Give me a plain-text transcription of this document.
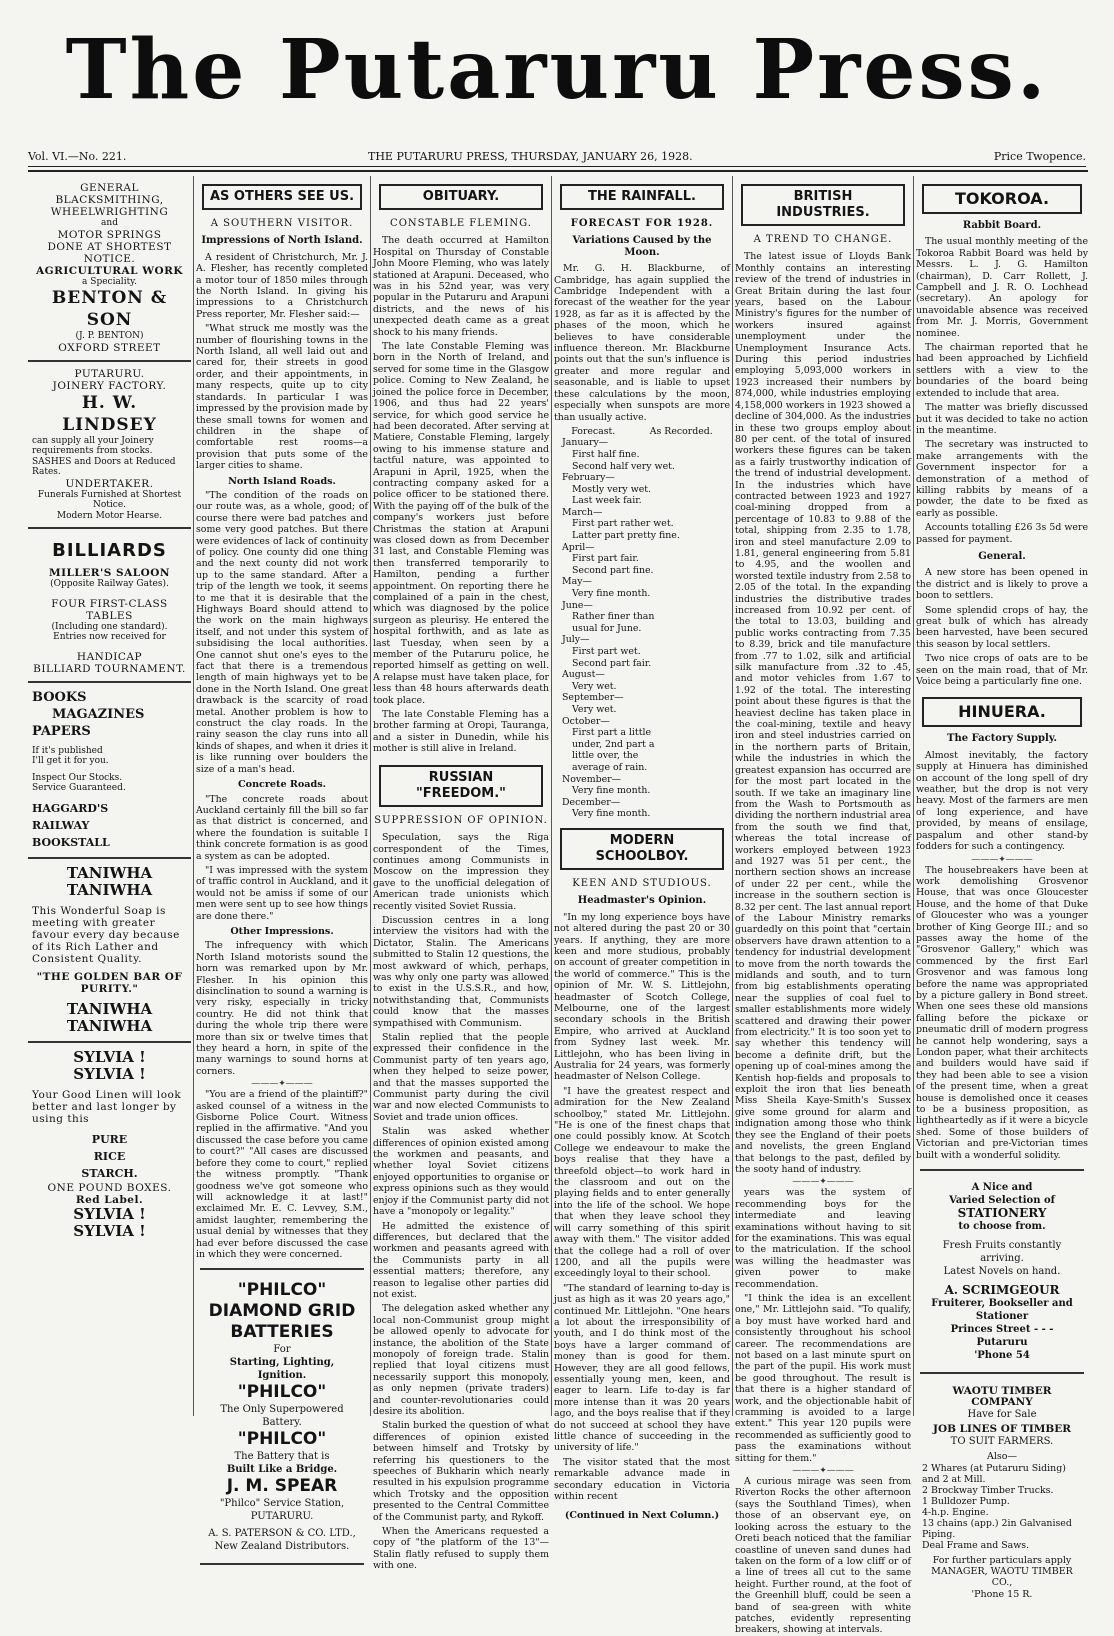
The Putaruru Press.
Vol. VI.—No. 221.	THE PUTARURU PRESS, THURSDAY, JANUARY 26, 1928.	Price Twopence.
GENERAL
BLACKSMITHING,
WHEELWRIGHTING
and
MOTOR SPRINGS
DONE AT SHORTEST NOTICE.
AGRICULTURAL WORK
a Speciality.
BENTON & SON
(J. P. BENTON)
OXFORD STREET
PUTARURU.
JOINERY FACTORY.
H. W. LINDSEY
can supply all your Joinery requirements from stocks. SASHES and Doors at Reduced Rates.
UNDERTAKER.
Funerals Furnished at Shortest Notice.
Modern Motor Hearse.
BILLIARDS
MILLER'S SALOON
(Opposite Railway Gates).
FOUR FIRST-CLASS TABLES
(Including one standard).
Entries now received for
HANDICAP
BILLIARD TOURNAMENT.
BOOKS
MAGAZINES
PAPERS
If it's published
I'll get it for you.
Inspect Our Stocks.
Service Guaranteed.
HAGGARD'S
RAILWAY
BOOKSTALL
TANIWHA
TANIWHA
This Wonderful Soap is meeting with greater favour every day because of its Rich Lather and Consistent Quality.
"THE GOLDEN BAR OF PURITY."
TANIWHA
TANIWHA
SYLVIA !
SYLVIA !
Your Good Linen will look better and last longer by using this
PURE
RICE
STARCH.
ONE POUND BOXES.
Red Label.
SYLVIA !
SYLVIA !
AS OTHERS SEE US.
A SOUTHERN VISITOR.
Impressions of North Island.

A resident of Christchurch, Mr. J. A. Flesher, has recently completed a motor tour of 1850 miles through the North Island. In giving his impressions to a Christchurch Press reporter, Mr. Flesher said:—

"What struck me mostly was the number of flourishing towns in the North Island, all well laid out and cared for, their streets in good order, and their appointments, in many respects, quite up to city standards. In particular I was impressed by the provision made by these small towns for women and children in the shape of comfortable rest rooms—a provision that puts some of the larger cities to shame.

North Island Roads.

"The condition of the roads on our route was, as a whole, good; of course there were bad patches and some very good patches. But there were evidences of lack of continuity of policy. One county did one thing and the next county did not work up to the same standard. After a trip of the length we took, it seems to me that it is desirable that the Highways Board should attend to the work on the main highways itself, and not under this system of subsidising the local authorities. One cannot shut one's eyes to the fact that there is a tremendous length of main highways yet to be done in the North Island. One great drawback is the scarcity of road metal. Another problem is how to construct the clay roads. In the rainy season the clay runs into all kinds of shapes, and when it dries it is like running over boulders the size of a man's head.

Concrete Roads.

"The concrete roads about Auckland certainly fill the bill so far as that district is concerned, and where the foundation is suitable I think concrete formation is as good a system as can be adopted.

"I was impressed with the system of traffic control in Auckland, and it would not be amiss if some of our men were sent up to see how things are done there."

Other Impressions.

The infrequency with which North Island motorists sound the horn was remarked upon by Mr. Flesher. In his opinion this disinclination to sound a warning is very risky, especially in tricky country. He did not think that during the whole trip there were more than six or twelve times that they heard a horn, in spite of the many warnings to sound horns at corners.

———✦———

"You are a friend of the plaintiff?" asked counsel of a witness in the Gisborne Police Court. Witness replied in the affirmative. "And you discussed the case before you came to court?" "All cases are discussed before they come to court," replied the witness promptly. "Thank goodness we've got someone who will acknowledge it at last!" exclaimed Mr. E. C. Levvey, S.M., amidst laughter, remembering the usual denial by witnesses that they had ever before discussed the case in which they were concerned.

"PHILCO"
DIAMOND GRID
BATTERIES
For
Starting, Lighting, Ignition.
"PHILCO"
The Only Superpowered Battery.
"PHILCO"
The Battery that is
Built Like a Bridge.
J. M. SPEAR
"Philco" Service Station,
PUTARURU.
A. S. PATERSON & CO. LTD.,
New Zealand Distributors.
OBITUARY.
CONSTABLE FLEMING.

The death occurred at Hamilton Hospital on Thursday of Constable John Moore Fleming, who was lately stationed at Arapuni. Deceased, who was in his 52nd year, was very popular in the Putaruru and Arapuni districts, and the news of his unexpected death came as a great shock to his many friends.

The late Constable Fleming was born in the North of Ireland, and served for some time in the Glasgow police. Coming to New Zealand, he joined the police force in December, 1906, and thus had 22 years' service, for which good service he had been decorated. After serving at Matiere, Constable Fleming, largely owing to his immense stature and tactful nature, was appointed to Arapuni in April, 1925, when the contracting company asked for a police officer to be stationed there. With the paying off of the bulk of the company's workers just before Christmas the station at Arapuni was closed down as from December 31 last, and Constable Fleming was then transferred temporarily to Hamilton, pending a further appointment. On reporting there he complained of a pain in the chest, which was diagnosed by the police surgeon as pleurisy. He entered the hospital forthwith, and as late as last Tuesday, when seen by a member of the Putaruru police, he reported himself as getting on well. A relapse must have taken place, for less than 48 hours afterwards death took place.

The late Constable Fleming has a brother farming at Oropi, Tauranga, and a sister in Dunedin, while his mother is still alive in Ireland.

RUSSIAN "FREEDOM."
SUPPRESSION OF OPINION.

Speculation, says the Riga correspondent of the Times, continues among Communists in Moscow on the impression they gave to the unofficial delegation of American trade unionists which recently visited Soviet Russia.

Discussion centres in a long interview the visitors had with the Dictator, Stalin. The Americans submitted to Stalin 12 questions, the most awkward of which, perhaps, was why only one party was allowed to exist in the U.S.S.R., and how, notwithstanding that, Communists could know that the masses sympathised with Communism.

Stalin replied that the people expressed their confidence in the Communist party of ten years ago, when they helped to seize power, and that the masses supported the Communist party during the civil war and now elected Communists to Soviet and trade union offices.

Stalin was asked whether differences of opinion existed among the workmen and peasants, and whether loyal Soviet citizens enjoyed opportunities to organise or express opinions such as they would enjoy if the Communist party did not have a "monopoly or legality."

He admitted the existence of differences, but declared that the workmen and peasants agreed with the Communists party in all essential matters; therefore, any reason to legalise other parties did not exist.

The delegation asked whether any local non-Communist group might be allowed openly to advocate for instance, the abolition of the State monopoly of foreign trade. Stalin replied that loyal citizens must necessarily support this monopoly, as only nepmen (private traders) and counter-revolutionaries could desire its abolition.

Stalin burked the question of what differences of opinion existed between himself and Trotsky by referring his questioners to the speeches of Bukharin which nearly resulted in his expulsion programme which Trotsky and the opposition presented to the Central Committee of the Communist party, and Rykoff.

When the Americans requested a copy of "the platform of the 13"—Stalin flatly refused to supply them with one.

THE RAINFALL.
FORECAST FOR 1928.
Variations Caused by the Moon.

Mr. G. H. Blackburne, of Cambridge, has again supplied the Cambridge Independent with a forecast of the weather for the year 1928, as far as it is affected by the phases of the moon, which he believes to have considerable influence thereon. Mr. Blackburne points out that the sun's influence is greater and more regular and seasonable, and is liable to upset these calculations by the moon, especially when sunspots are more than usually active.

Forecast.	As Recorded.
January—
First half fine.
Second half very wet.
February—
Mostly very wet.
Last week fair.
March—
First part rather wet.
Latter part pretty fine.
April—
First part fair.
Second part fine.
May—
Very fine month.
June—
Rather finer than
usual for June.
July—
First part wet.
Second part fair.
August—
Very wet.
September—
Very wet.
October—
First part a little
under, 2nd part a
little over, the
average of rain.
November—
Very fine month.
December—
Very fine month.
MODERN SCHOOLBOY.
KEEN AND STUDIOUS.
Headmaster's Opinion.

"In my long experience boys have not altered during the past 20 or 30 years. If anything, they are more keen and more studious, probably on account of greater competition in the world of commerce." This is the opinion of Mr. W. S. Littlejohn, headmaster of Scotch College, Melbourne, one of the largest secondary schools in the British Empire, who arrived at Auckland from Sydney last week. Mr. Littlejohn, who has been living in Australia for 24 years, was formerly headmaster of Nelson College.

"I have the greatest respect and admiration for the New Zealand schoolboy," stated Mr. Littlejohn. "He is one of the finest chaps that one could possibly know. At Scotch College we endeavour to make the boys realise that they have a threefold object—to work hard in the classroom and out on the playing fields and to enter generally into the life of the school. We hope that when they leave school they will carry something of this spirit away with them." The visitor added that the college had a roll of over 1200, and all the pupils were exceedingly loyal to their school.

"The standard of learning to-day is just as high as it was 20 years ago," continued Mr. Littlejohn. "One hears a lot about the irresponsibility of youth, and I do think most of the boys have a larger command of money than is good for them. However, they are all good fellows, essentially young men, keen, and eager to learn. Life to-day is far more intense than it was 20 years ago, and the boys realise that if they do not succeed at school they have little chance of succeeding in the university of life."

The visitor stated that the most remarkable advance made in secondary education in Victoria within recent

(Continued in Next Column.)
BRITISH INDUSTRIES.
A TREND TO CHANGE.

The latest issue of Lloyds Bank Monthly contains an interesting review of the trend of industries in Great Britain during the last four years, based on the Labour Ministry's figures for the number of workers insured against unemployment under the Unemployment Insurance Acts. During this period industries employing 5,093,000 workers in 1923 increased their numbers by 874,000, while industries employing 4,158,000 workers in 1923 showed a decline of 304,000. As the industries in these two groups employ about 80 per cent. of the total of insured workers these figures can be taken as a fairly trustworthy indication of the trend of industrial development. In the industries which have contracted between 1923 and 1927 coal-mining dropped from a percentage of 10.83 to 9.88 of the total, shipping from 2.35 to 1.78, iron and steel manufacture 2.09 to 1.81, general engineering from 5.81 to 4.95, and the woollen and worsted textile industry from 2.58 to 2.05 of the total. In the expanding industries the distributive trades increased from 10.92 per cent. of the total to 13.03, building and public works contracting from 7.35 to 8.39, brick and tile manufacture from .77 to 1.02, silk and artificial silk manufacture from .32 to .45, and motor vehicles from 1.67 to 1.92 of the total. The interesting point about these figures is that the heaviest decline has taken place in the coal-mining, textile and heavy iron and steel industries carried on in the northern parts of Britain, while the industries in which the greatest expansion has occurred are for the most part located in the south. If we take an imaginary line from the Wash to Portsmouth as dividing the northern industrial area from the south we find that, whereas the total increase of workers employed between 1923 and 1927 was 51 per cent., the northern section shows an increase of under 22 per cent., while the increase in the southern section is 8.32 per cent. The last annual report of the Labour Ministry remarks guardedly on this point that "certain observers have drawn attention to a tendency for industrial development to move from the north towards the midlands and south, and to turn from big establishments operating near the supplies of coal fuel to smaller establishments more widely scattered and drawing their power from electricity." It is too soon yet to say whether this tendency will become a definite drift, but the opening up of coal-mines among the Kentish hop-fields and proposals to exploit the iron that lies beneath Miss Sheila Kaye-Smith's Sussex give some ground for alarm and indignation among those who think they see the England of their poets and novelists, the green England that belongs to the past, defiled by the sooty hand of industry.

———✦———

years was the system of recommending boys for the intermediate and leaving examinations without having to sit for the examinations. This was equal to the matriculation. If the school was willing the headmaster was given power to make recommendation.

"I think the idea is an excellent one," Mr. Littlejohn said. "To qualify, a boy must have worked hard and consistently throughout his school career. The recommendations are not based on a last minute spurt on the part of the pupil. His work must be good throughout. The result is that there is a higher standard of work, and the objectionable habit of cramming is avoided to a large extent." This year 120 pupils were recommended as sufficiently good to pass the examinations without sitting for them."

———✦———

A curious mirage was seen from Riverton Rocks the other afternoon (says the Southland Times), when those of an observant eye, on looking across the estuary to the Oreti beach noticed that the familiar coastline of uneven sand dunes had taken on the form of a low cliff or of a line of trees all cut to the same height. Further round, at the foot of the Greenhill bluff, could be seen a band of sea-green with white patches, evidently representing breakers, showing at intervals.

TOKOROA.
Rabbit Board.

The usual monthly meeting of the Tokoroa Rabbit Board was held by Messrs. L. J. G. Hamilton (chairman), D. Carr Rollett, J. Campbell and J. R. O. Lochhead (secretary). An apology for unavoidable absence was received from Mr. J. Morris, Government nominee.

The chairman reported that he had been approached by Lichfield settlers with a view to the boundaries of the board being extended to include that area.

The matter was briefly discussed but it was decided to take no action in the meantime.

The secretary was instructed to make arrangements with the Government inspector for a demonstration of a method of killing rabbits by means of a powder, the date to be fixed as early as possible.

Accounts totalling £26 3s 5d were passed for payment.

General.

A new store has been opened in the district and is likely to prove a boon to settlers.

Some splendid crops of hay, the great bulk of which has already been harvested, have been secured this season by local settlers.

Two nice crops of oats are to be seen on the main road, that of Mr. Voice being a particularly fine one.

HINUERA.
The Factory Supply.

Almost inevitably, the factory supply at Hinuera has diminished on account of the long spell of dry weather, but the drop is not very heavy. Most of the farmers are men of long experience, and have provided, by means of ensilage, paspalum and other stand-by fodders for such a contingency.

———✦———

The housebreakers have been at work demolishing Grosvenor House, that was once Gloucester House, and the home of that Duke of Gloucester who was a younger brother of King George III.; and so passes away the home of the "Grosvenor Gallery," which was commenced by the first Earl Grosvenor and was famous long before the name was appropriated by a picture gallery in Bond street. When one sees these old mansions falling before the pickaxe or pneumatic drill of modern progress he cannot help wondering, says a London paper, what their architects and builders would have said if they had been able to see a vision of the present time, when a great house is demolished once it ceases to be a business proposition, as lightheartedly as if it were a bicycle shed. Some of those builders of Victorian and pre-Victorian times built with a wonderful solidity.

A Nice and
Varied Selection of
STATIONERY
to choose from.
Fresh Fruits constantly arriving.
Latest Novels on hand.
A. SCRIMGEOUR
Fruiterer, Bookseller and Stationer
Princes Street - - - Putaruru
'Phone 54
WAOTU TIMBER COMPANY
Have for Sale
JOB LINES OF TIMBER
TO SUIT FARMERS.
Also—
2 Whares (at Putaruru Siding) and 2 at Mill.
2 Brockway Timber Trucks.
1 Bulldozer Pump.
4-h.p. Engine.
13 chains (app.) 2in Galvanised Piping.
Deal Frame and Saws.
For further particulars apply
MANAGER, WAOTU TIMBER CO.,
'Phone 15 R.
